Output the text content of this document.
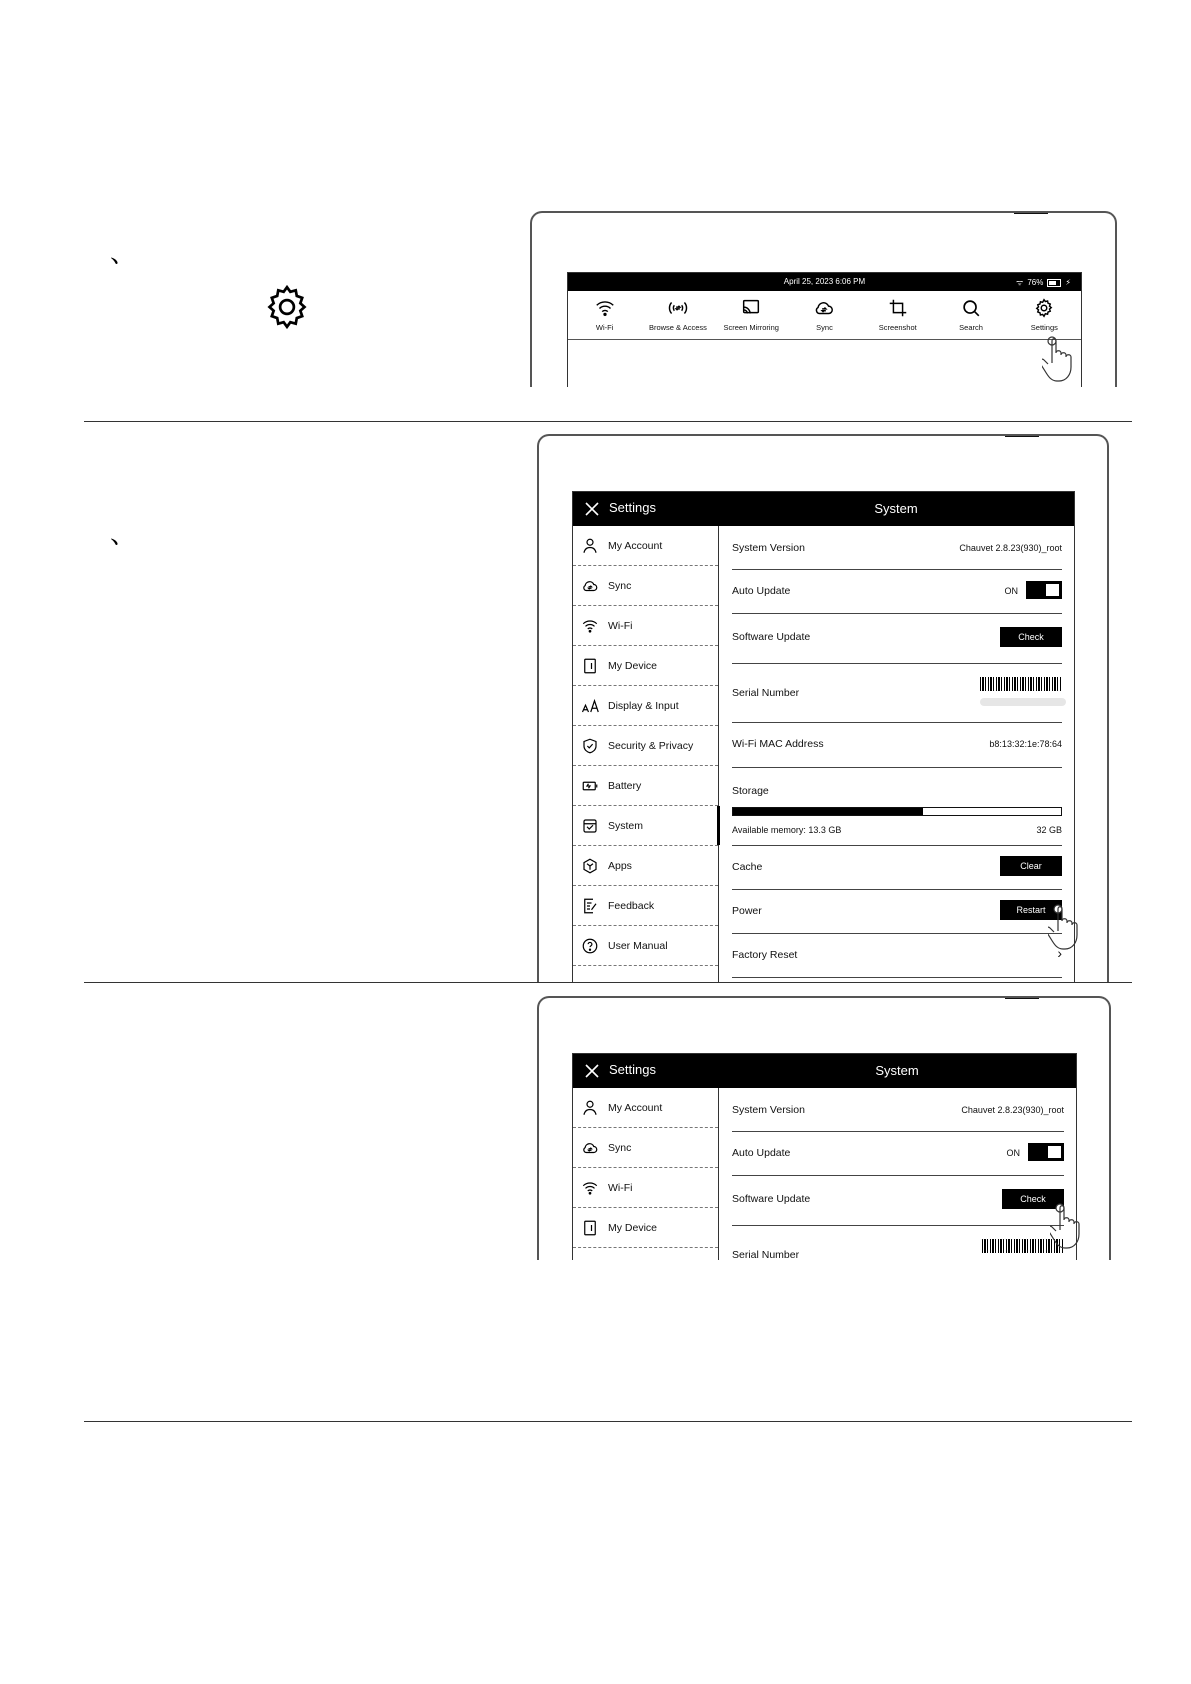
、
April 25, 2023 6:06 PM	ᯤ 76%	⚡
Wi-Fi	Browse & Access Screen Mirroring	Sync	Screenshot	Search	Settings
、
Settings	System
My Account
Sync
Wi-Fi
My Device
Display & Input
Security & Privacy
Battery
System
Apps
Feedback
User Manual
System Version	Chauvet 2.8.23(930)_root
Auto Update	ON
Software Update	Check
Serial Number
Wi-Fi MAC Address	b8:13:32:1e:78:64
Storage
Available memory: 13.3 GB	32 GB
Cache	Clear
Power	Restart
Factory Reset	›
Settings	System
My Account
Sync
Wi-Fi
My Device
System Version	Chauvet 2.8.23(930)_root
Auto Update	ON
Software Update	Check
Serial Number
